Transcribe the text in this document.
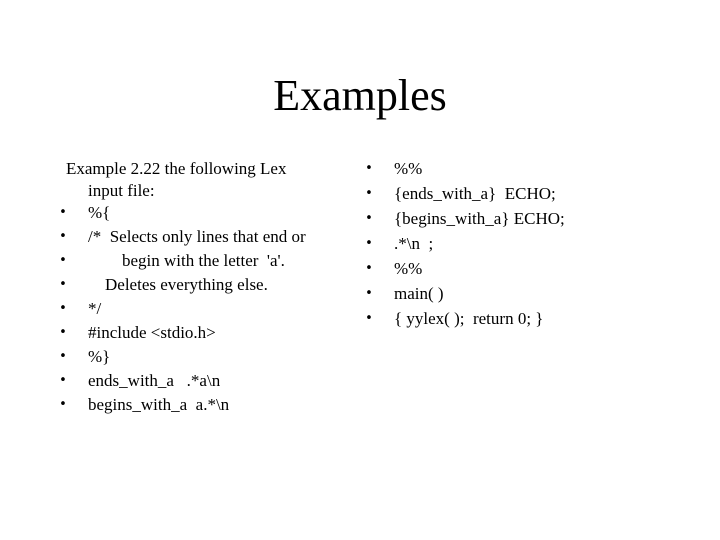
Examples
Example 2.22 the following Lex
input file:
• %{
• /*  Selects only lines that end or
• begin with the letter  'a'.
• Deletes everything else.
• */
• #include <stdio.h>
• %}
• ends_with_a   .*a\n
• begins_with_a  a.*\n
• %%
• {ends_with_a}  ECHO;
• {begins_with_a} ECHO;
• .*\n  ;
• %%
• main( )
• { yylex( );  return 0; }
